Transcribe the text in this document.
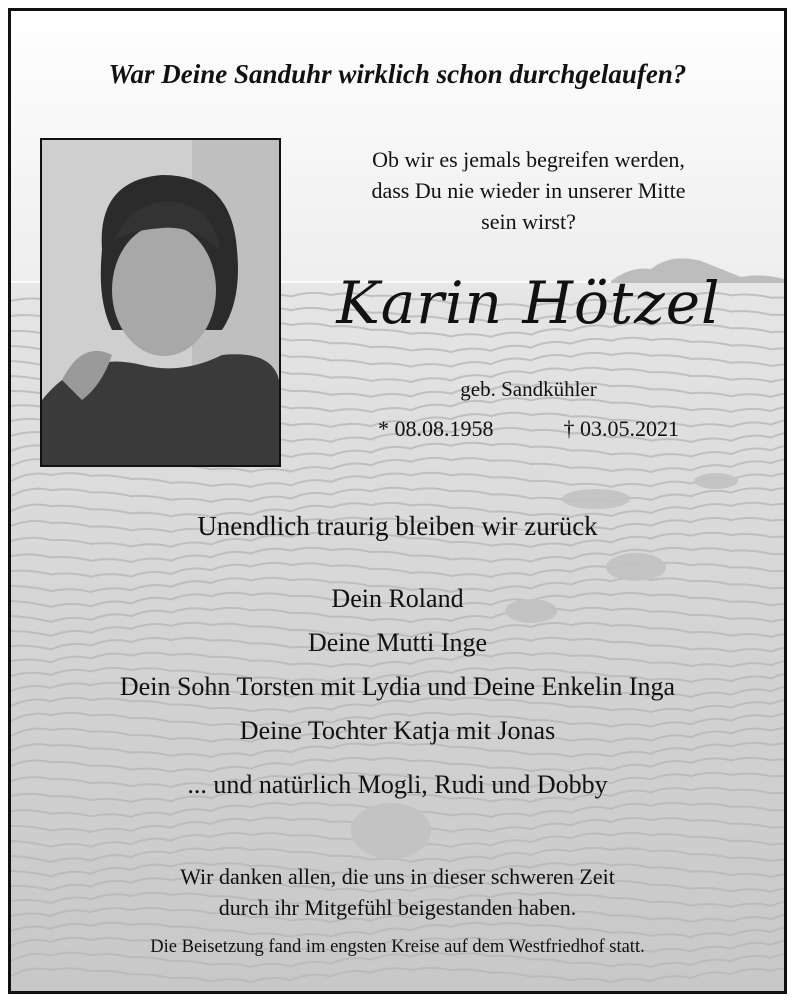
War Deine Sanduhr wirklich schon durchgelaufen?

Ob wir es jemals begreifen werden,
dass Du nie wieder in unserer Mitte
sein wirst?

Karin Hötzel

geb. Sandkühler

* 08.08.1958	† 03.05.2021

Unendlich traurig bleiben wir zurück

Dein Roland
Deine Mutti Inge
Dein Sohn Torsten mit Lydia und Deine Enkelin Inga
Deine Tochter Katja mit Jonas
... und natürlich Mogli, Rudi und Dobby
Wir danken allen, die uns in dieser schweren Zeit
durch ihr Mitgefühl beigestanden haben.

Die Beisetzung fand im engsten Kreise auf dem Westfriedhof statt.
